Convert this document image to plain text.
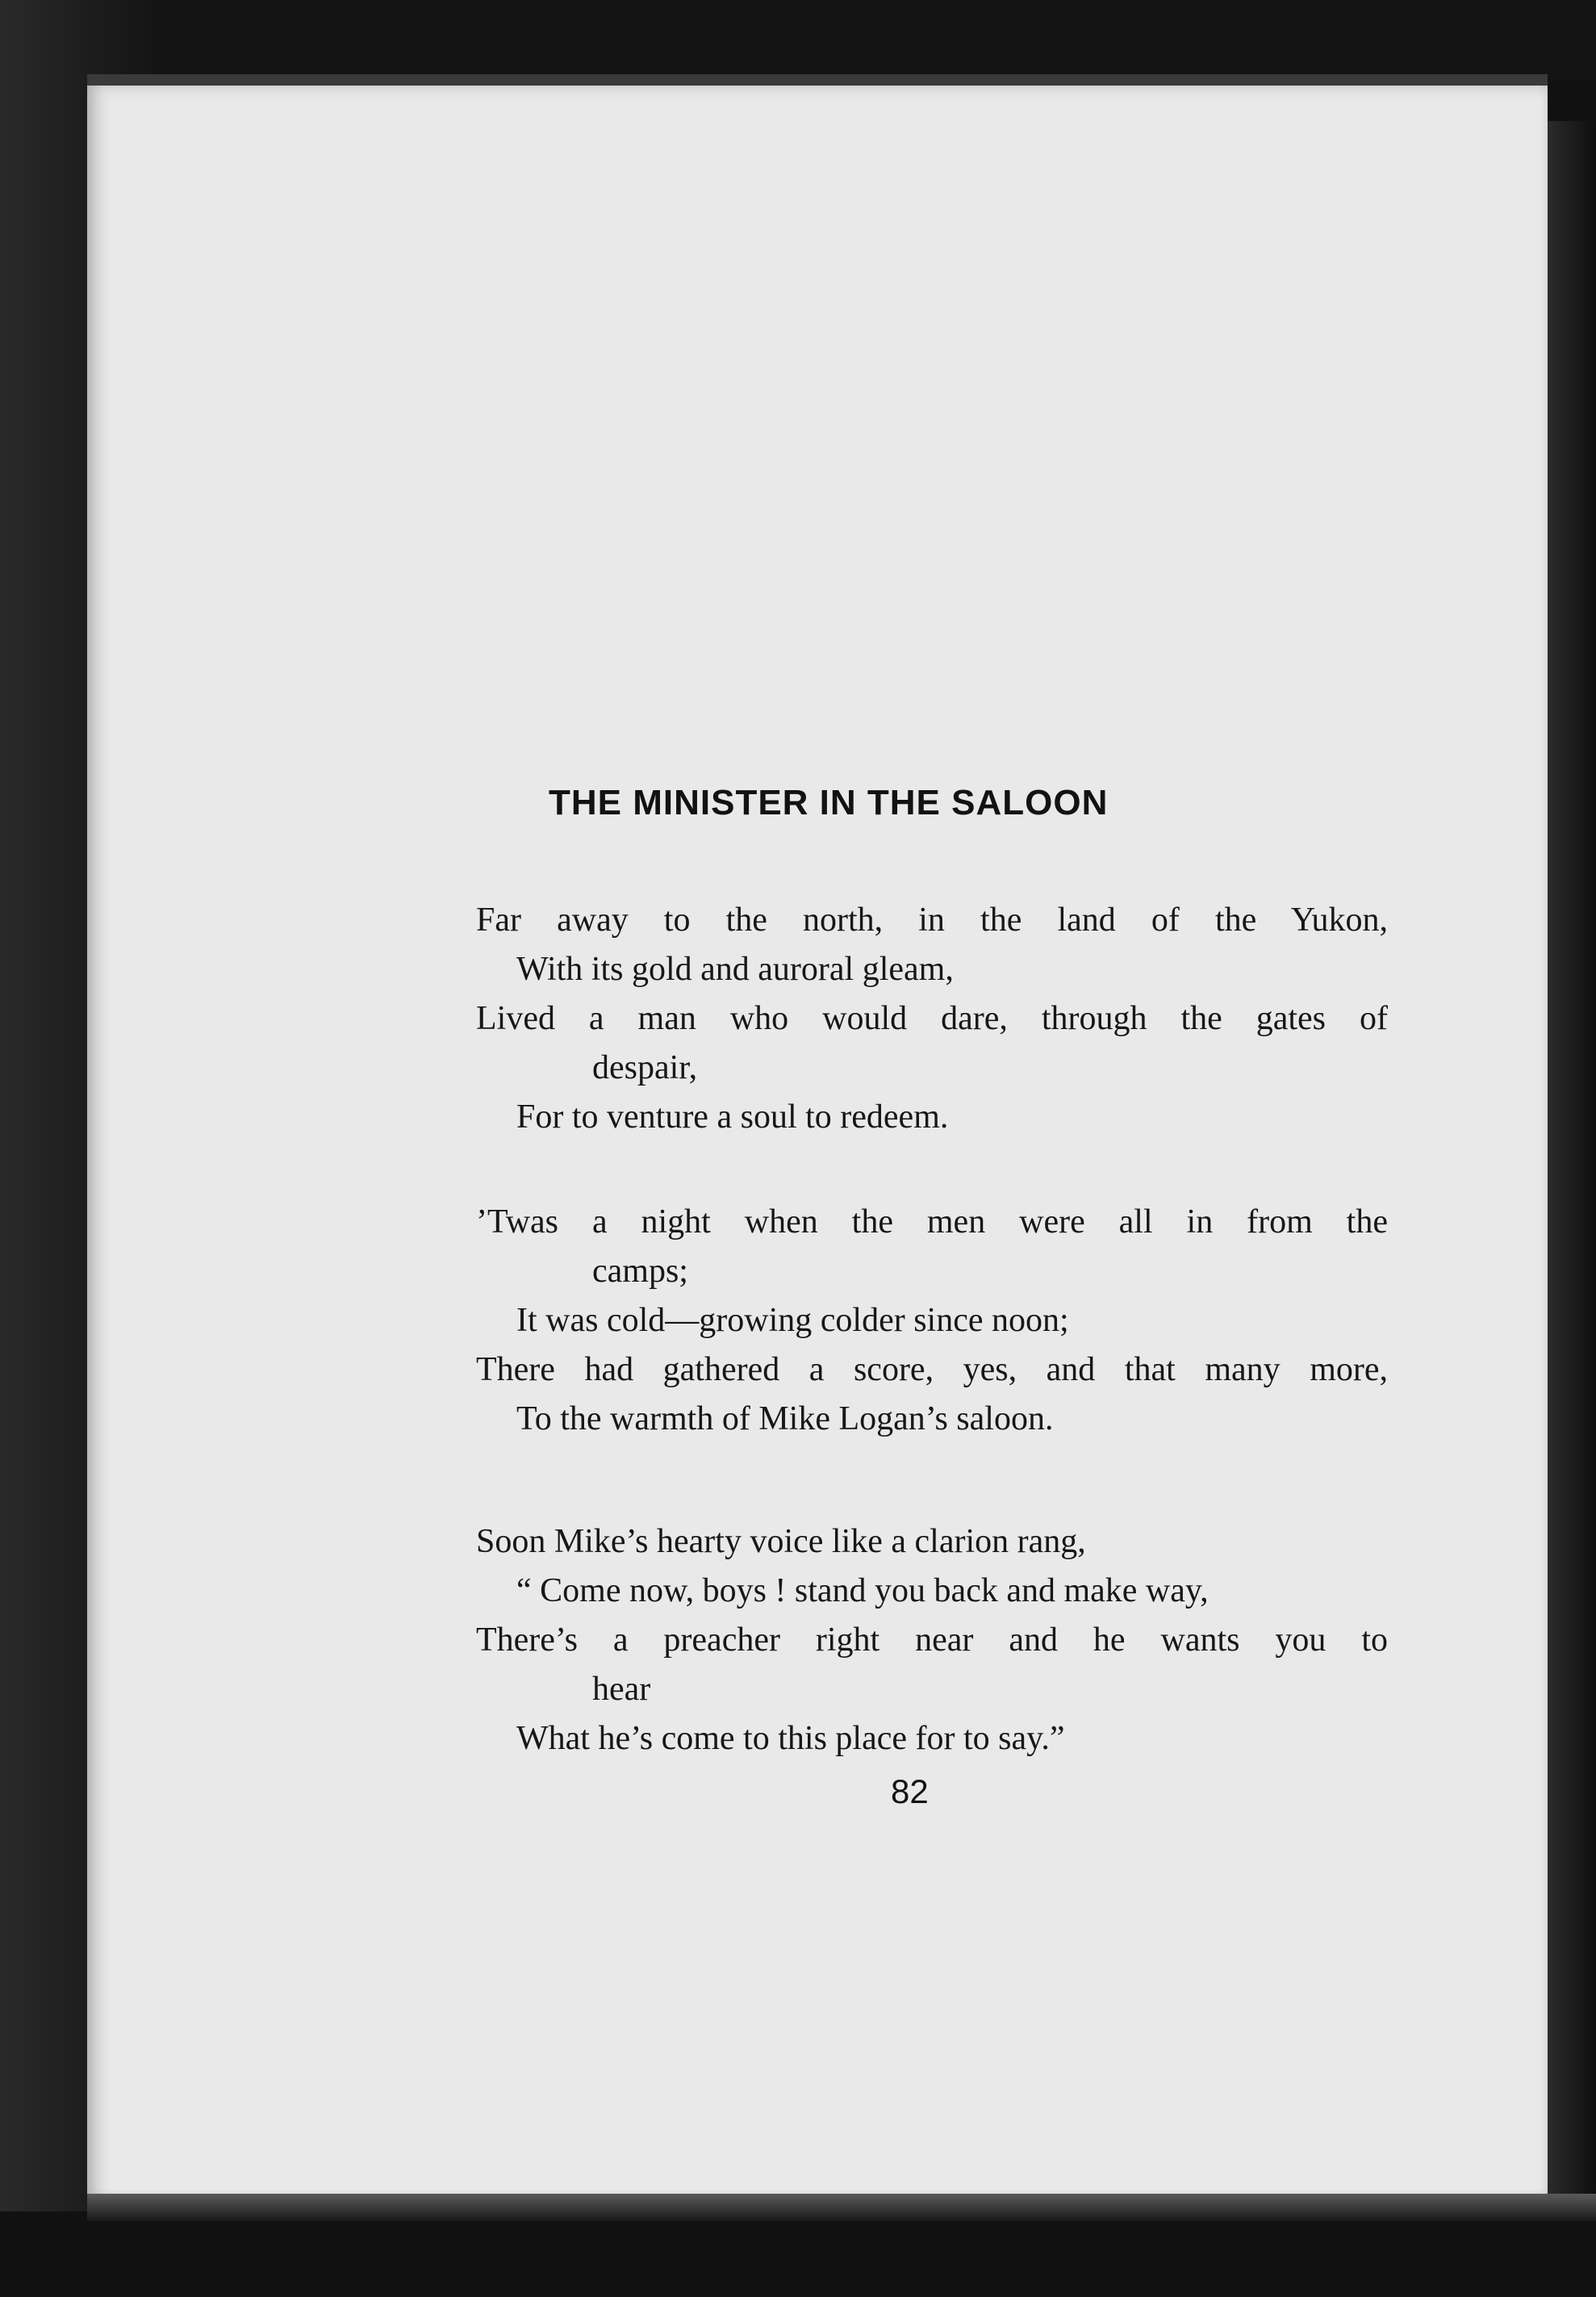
THE MINISTER IN THE SALOON
Far away to the north, in the land of the Yukon,
With its gold and auroral gleam,
Lived a man who would dare, through the gates of
despair,
For to venture a soul to redeem.
’Twas a night when the men were all in from the
camps;
It was cold—growing colder since noon;
There had gathered a score, yes, and that many more,
To the warmth of Mike Logan’s saloon.
Soon Mike’s hearty voice like a clarion rang,
“ Come now, boys ! stand you back and make way,
There’s a preacher right near and he wants you to
hear
What he’s come to this place for to say.”
82
